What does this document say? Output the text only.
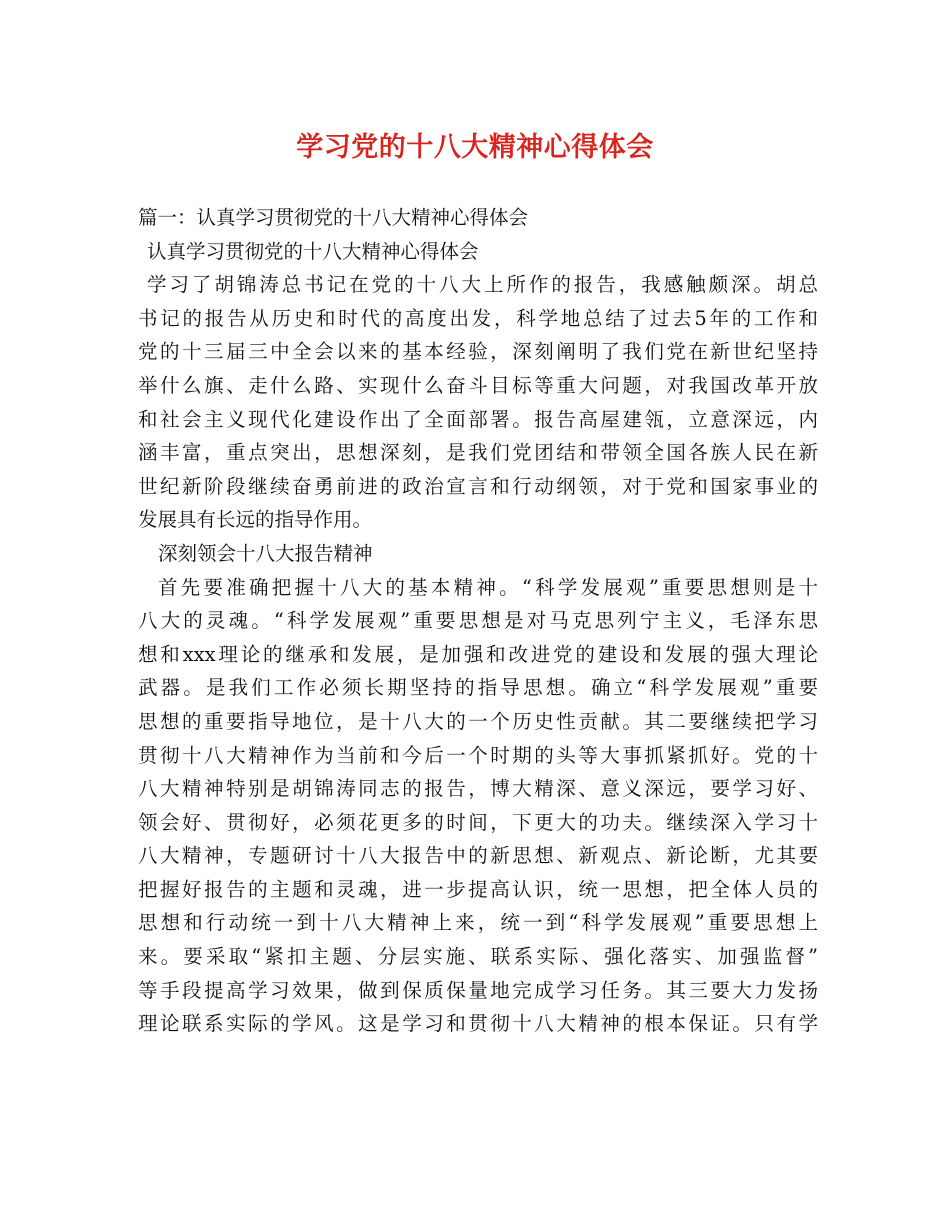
学习党的十八大精神心得体会
篇一：认真学习贯彻党的十八大精神心得体会
认真学习贯彻党的十八大精神心得体会
学习了胡锦涛总书记在党的十八大上所作的报告，我感触颇深。胡总
书记的报告从历史和时代的高度出发，科学地总结了过去5年的工作和
党的十三届三中全会以来的基本经验，深刻阐明了我们党在新世纪坚持
举什么旗、走什么路、实现什么奋斗目标等重大问题，对我国改革开放
和社会主义现代化建设作出了全面部署。报告高屋建瓴，立意深远，内
涵丰富，重点突出，思想深刻，是我们党团结和带领全国各族人民在新
世纪新阶段继续奋勇前进的政治宣言和行动纲领，对于党和国家事业的
发展具有长远的指导作用。
深刻领会十八大报告精神
首先要准确把握十八大的基本精神。“科学发展观”重要思想则是十
八大的灵魂。“科学发展观”重要思想是对马克思列宁主义，毛泽东思
想和xxx理论的继承和发展，是加强和改进党的建设和发展的强大理论
武器。是我们工作必须长期坚持的指导思想。确立“科学发展观”重要
思想的重要指导地位，是十八大的一个历史性贡献。其二要继续把学习
贯彻十八大精神作为当前和今后一个时期的头等大事抓紧抓好。党的十
八大精神特别是胡锦涛同志的报告，博大精深、意义深远，要学习好、
领会好、贯彻好，必须花更多的时间，下更大的功夫。继续深入学习十
八大精神，专题研讨十八大报告中的新思想、新观点、新论断，尤其要
把握好报告的主题和灵魂，进一步提高认识，统一思想，把全体人员的
思想和行动统一到十八大精神上来，统一到“科学发展观”重要思想上
来。要采取“紧扣主题、分层实施、联系实际、强化落实、加强监督”
等手段提高学习效果，做到保质保量地完成学习任务。其三要大力发扬
理论联系实际的学风。这是学习和贯彻十八大精神的根本保证。只有学
